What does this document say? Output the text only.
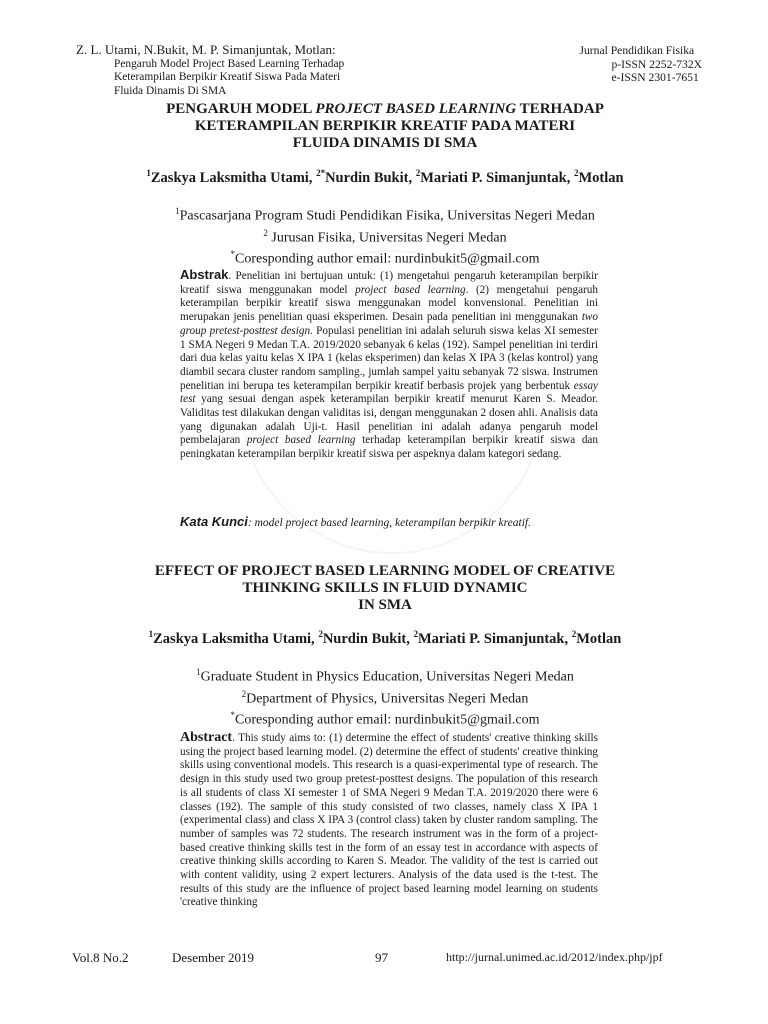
Z. L. Utami, N.Bukit, M. P. Simanjuntak, Motlan:
Pengaruh Model Project Based Learning Terhadap
Keterampilan Berpikir Kreatif Siswa Pada Materi
Fluida Dinamis Di SMA
Jurnal Pendidikan Fisika
p-ISSN 2252-732X
e-ISSN 2301-7651
PENGARUH MODEL PROJECT BASED LEARNING TERHADAP
KETERAMPILAN BERPIKIR KREATIF PADA MATERI
FLUIDA DINAMIS DI SMA
$^1$Zaskya Laksmitha Utami, $^{2*}$Nurdin Bukit, $^2$Mariati P. Simanjuntak, $^2$Motlan
$^1$Pascasarjana Program Studi Pendidikan Fisika, Universitas Negeri Medan
$^2$ Jurusan Fisika, Universitas Negeri Medan
*Coresponding author email: nurdinbukit5@gmail.com
Abstrak. Penelitian ini bertujuan untuk: (1) mengetahui pengaruh keterampilan berpikir kreatif siswa menggunakan model project based learning. (2) mengetahui pengaruh keterampilan berpikir kreatif siswa menggunakan model konvensional. Penelitian ini merupakan jenis penelitian quasi eksperimen. Desain pada penelitian ini menggunakan two group pretest-posttest design. Populasi penelitian ini adalah seluruh siswa kelas XI semester 1 SMA Negeri 9 Medan T.A. 2019/2020 sebanyak 6 kelas (192). Sampel penelitian ini terdiri dari dua kelas yaitu kelas X IPA 1 (kelas eksperimen) dan kelas X IPA 3 (kelas kontrol) yang diambil secara cluster random sampling., jumlah sampel yaitu sebanyak 72 siswa. Instrumen penelitian ini berupa tes keterampilan berpikir kreatif berbasis projek yang berbentuk essay test yang sesuai dengan aspek keterampilan berpikir kreatif menurut Karen S. Meador. Validitas test dilakukan dengan validitas isi, dengan menggunakan 2 dosen ahli. Analisis data yang digunakan adalah Uji-t. Hasil penelitian ini adalah adanya pengaruh model pembelajaran project based learning terhadap keterampilan berpikir kreatif siswa dan peningkatan keterampilan berpikir kreatif siswa per aspeknya dalam kategori sedang.
Kata Kunci: model project based learning, keterampilan berpikir kreatif.
EFFECT OF PROJECT BASED LEARNING MODEL OF CREATIVE
THINKING SKILLS IN FLUID DYNAMIC
IN SMA
$^1$Zaskya Laksmitha Utami, $^2$Nurdin Bukit, $^2$Mariati P. Simanjuntak, $^2$Motlan
$^1$Graduate Student in Physics Education, Universitas Negeri Medan
$^2$Department of Physics, Universitas Negeri Medan
*Coresponding author email: nurdinbukit5@gmail.com
Abstract. This study aims to: (1) determine the effect of students' creative thinking skills using the project based learning model. (2) determine the effect of students' creative thinking skills using conventional models. This research is a quasi-experimental type of research. The design in this study used two group pretest-posttest designs. The population of this research is all students of class XI semester 1 of SMA Negeri 9 Medan T.A. 2019/2020 there were 6 classes (192). The sample of this study consisted of two classes, namely class X IPA 1 (experimental class) and class X IPA 3 (control class) taken by cluster random sampling. The number of samples was 72 students. The research instrument was in the form of a project-based creative thinking skills test in the form of an essay test in accordance with aspects of creative thinking skills according to Karen S. Meador. The validity of the test is carried out with content validity, using 2 expert lecturers. Analysis of the data used is the t-test. The results of this study are the influence of project based learning model learning on students 'creative thinking
Vol.8 No.2	Desember 2019	97	http://jurnal.unimed.ac.id/2012/index.php/jpf
